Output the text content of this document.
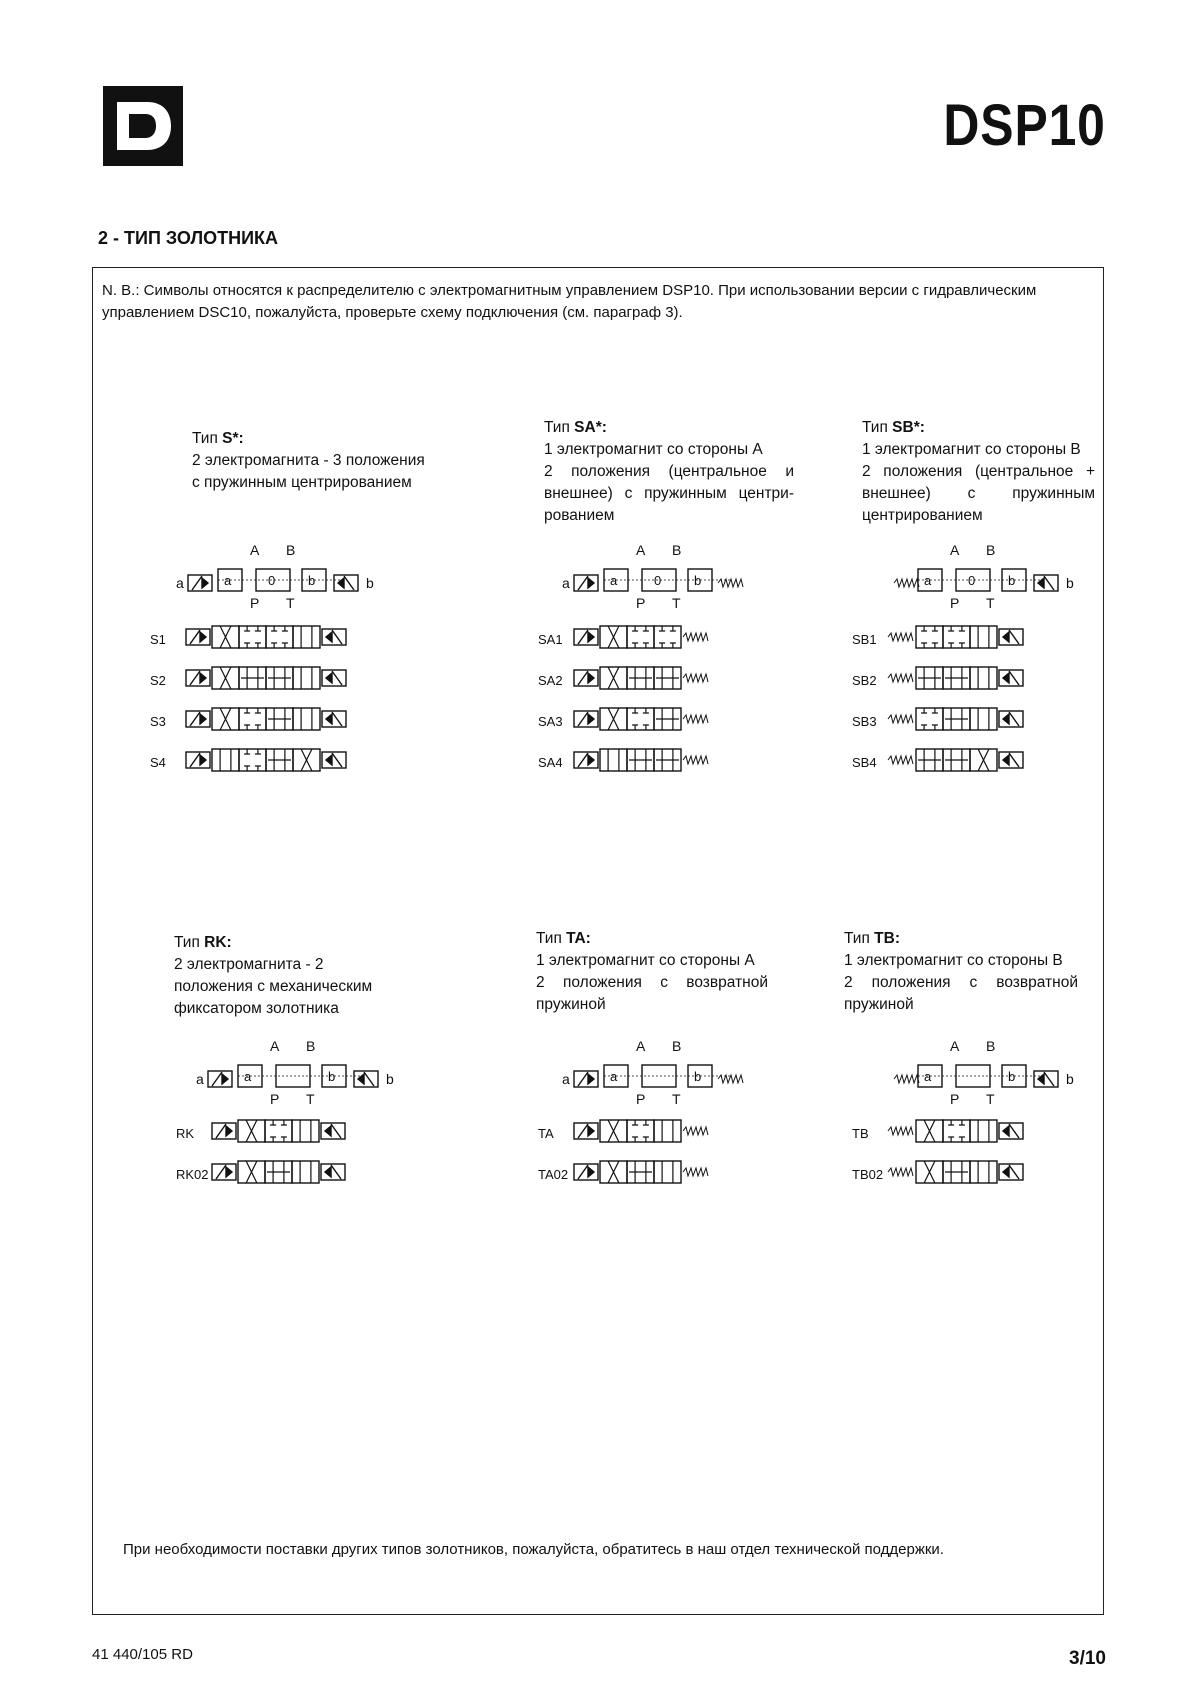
DSP10
2 - ТИП ЗОЛОТНИКА
N. B.: Символы относятся к распределителю с электромагнитным управлением DSP10. При использовании версии с гидравлическим управлением DSC10, пожалуйста, проверьте схему подключения (см. параграф 3).
Тип S*:
2 электромагнита - 3 положения
с пружинным центрированием
Тип SA*:

1 электромагнит со стороны A

2 положения (центральное и

внешнее) с пружинным центри-

рованием

Тип SB*:

1 электромагнит со стороны B

2 положения (центральное +

внешнее) с пружинным

центрированием

Тип RK:
2 электромагнита - 2
положения с механическим
фиксатором золотника
Тип TA:

1 электромагнит со стороны A

2 положения с возвратной

пружиной

Тип TB:

1 электромагнит со стороны B

2 положения с возвратной

пружиной

A B
P T
0
a	a	b	b
S1
S2
S3
S4
A B
P T
0
a	a	b
SA1
SA2
SA3
SA4
A B
P T
0
a	b	b
SB1
SB2
SB3
SB4
A B
P T
a	a	b	b
RK
RK02
A B
P T
a	a	b
TA
TA02
A B
P T
a	b	b
TB
TB02
При необходимости поставки других типов золотников, пожалуйста, обратитесь в наш отдел технической поддержки.
41 440/105 RD	3/10
